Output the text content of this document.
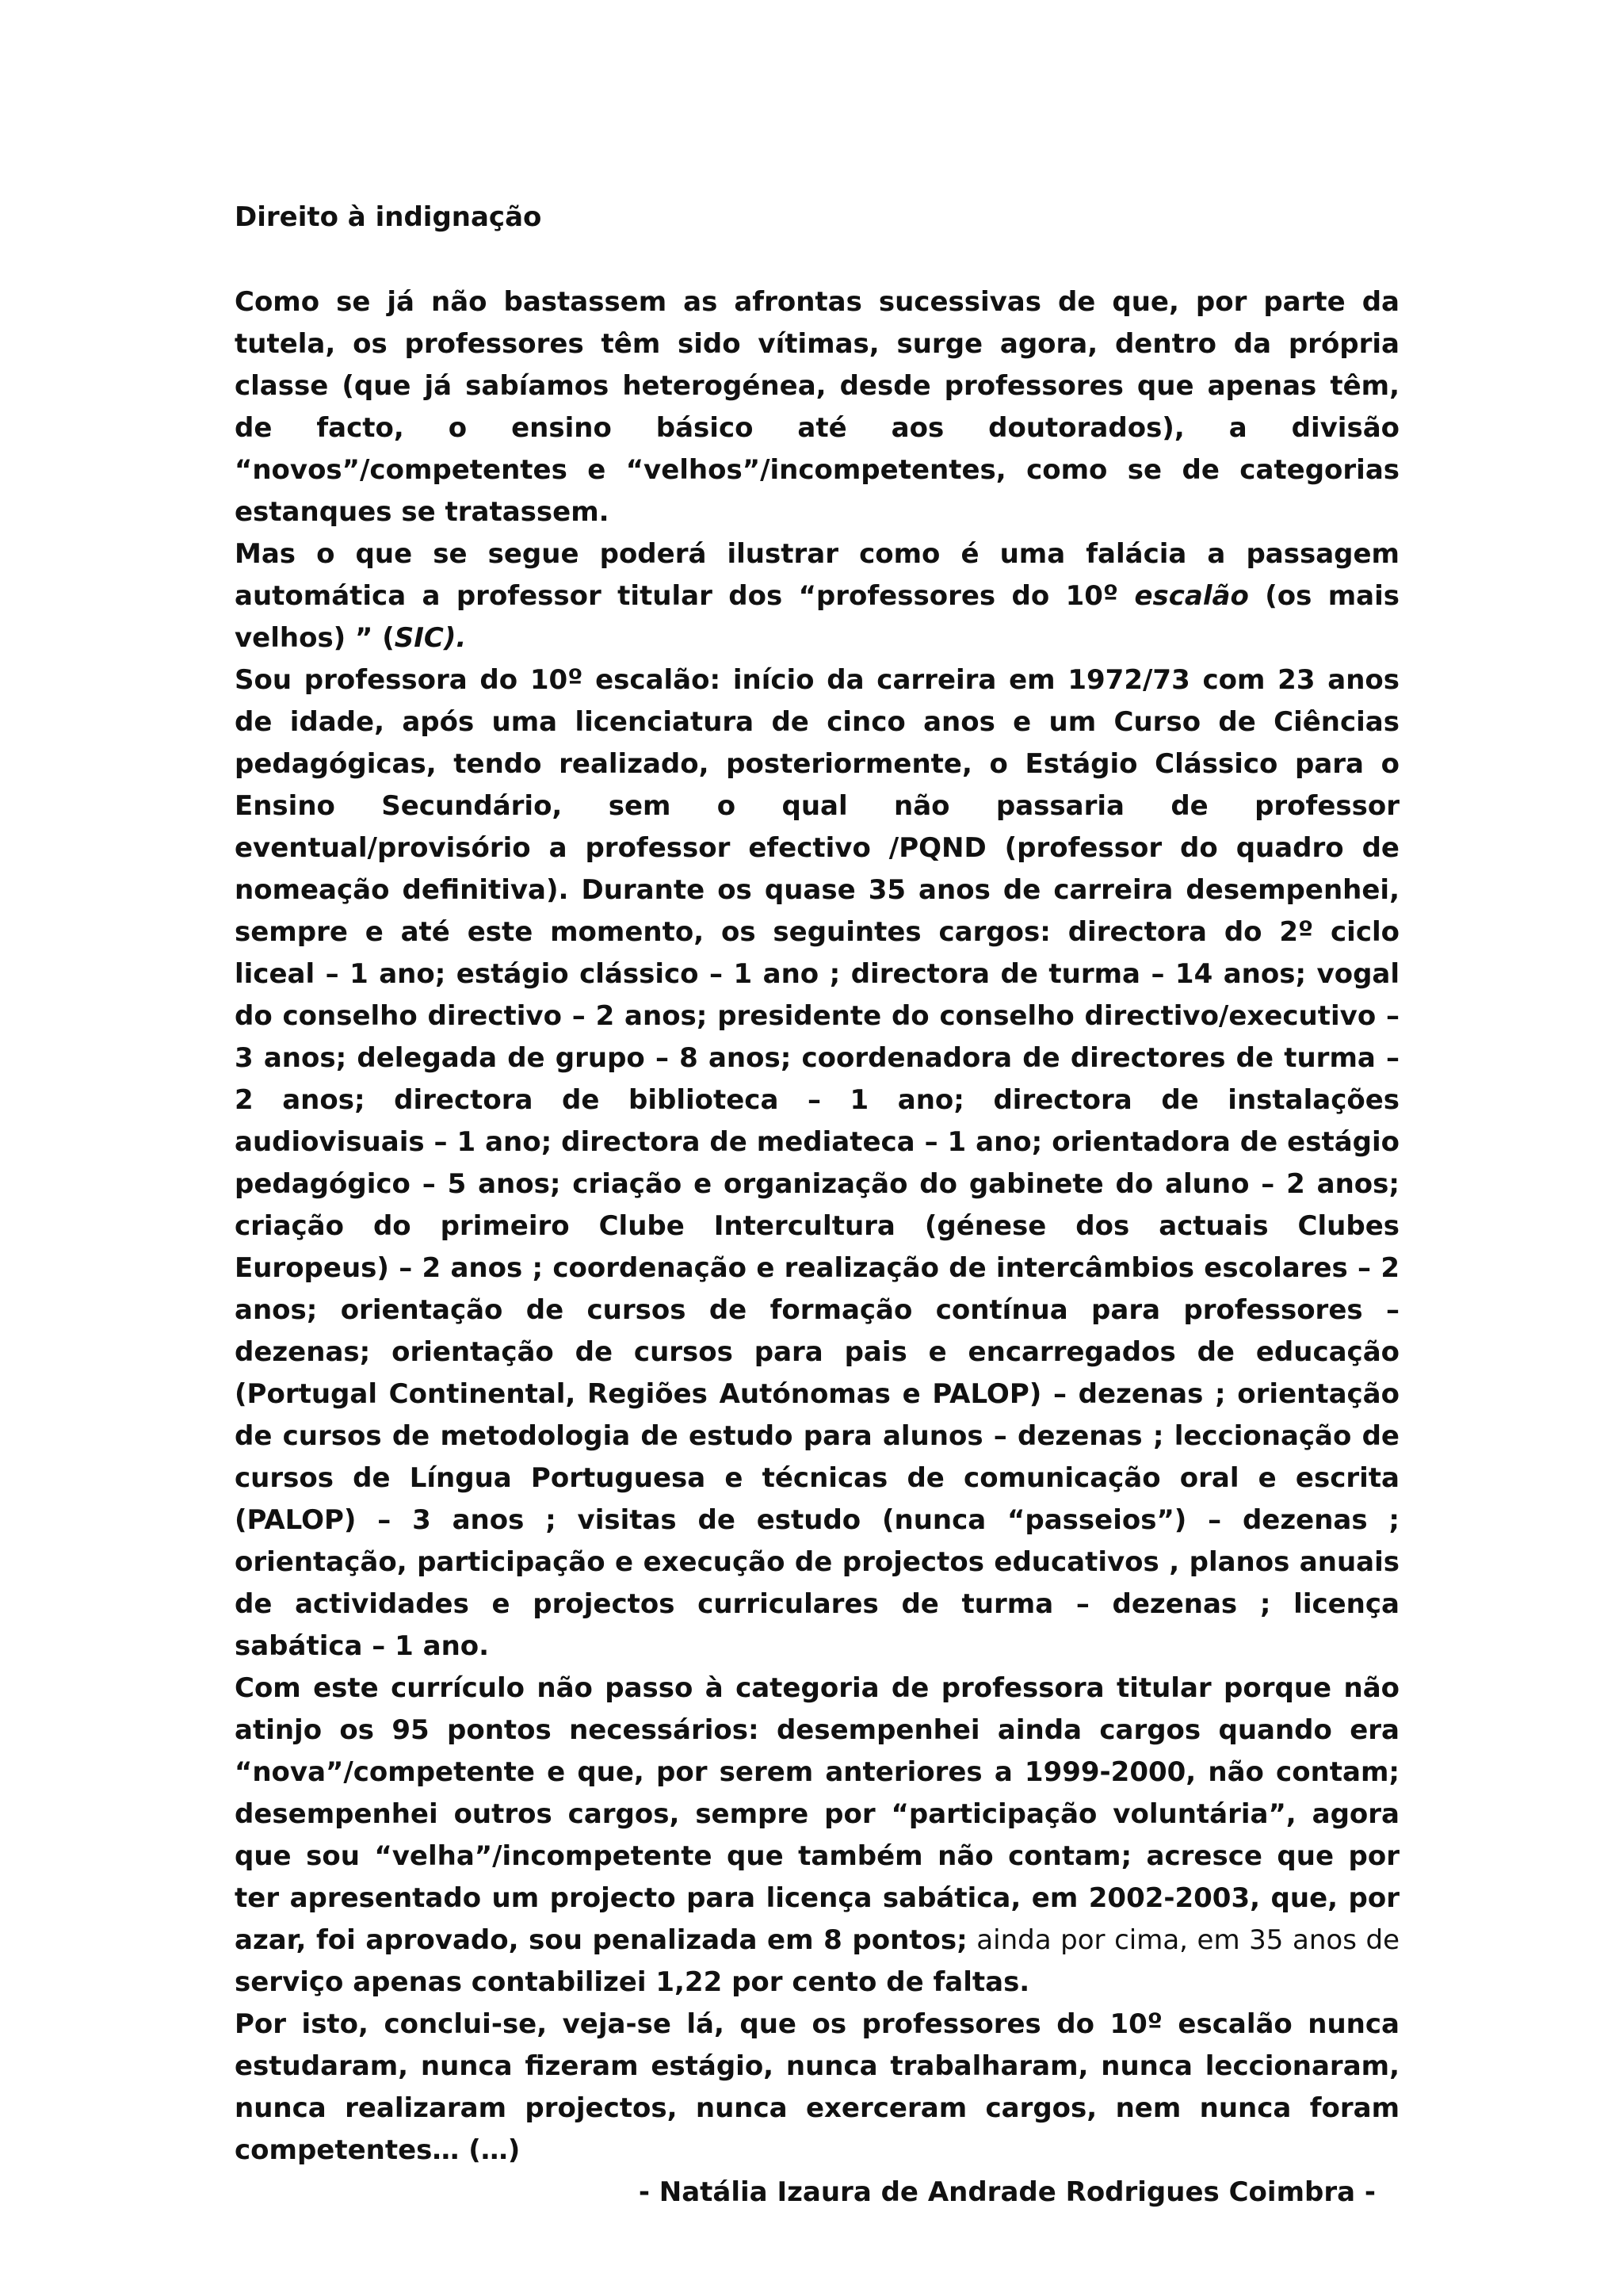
Direito à indignação

Como se já não bastassem as afrontas sucessivas de que, por parte da tutela, os professores têm sido vítimas, surge agora, dentro da própria classe (que já sabíamos heterogénea, desde professores que apenas têm, de facto, o ensino básico até aos doutorados), a divisão “novos”/competentes e “velhos”/incompetentes, como se de categorias estanques se tratassem.

Mas o que se segue poderá ilustrar como é uma falácia a passagem automática a professor titular dos “professores do 10º escalão (os mais velhos) ” (SIC).

Sou professora do 10º escalão: início da carreira em 1972/73 com 23 anos de idade, após uma licenciatura de cinco anos e um Curso de Ciências pedagógicas, tendo realizado, posteriormente, o Estágio Clássico para o Ensino Secundário, sem o qual não passaria de professor eventual/provisório a professor efectivo /PQND (professor do quadro de nomeação definitiva). Durante os quase 35 anos de carreira desempenhei, sempre e até este momento, os seguintes cargos: directora do 2º ciclo liceal – 1 ano; estágio clássico – 1 ano ; directora de turma – 14 anos; vogal do conselho directivo – 2 anos; presidente do conselho directivo/executivo – 3 anos; delegada de grupo – 8 anos; coordenadora de directores de turma – 2 anos; directora de biblioteca – 1 ano; directora de instalações audiovisuais – 1 ano; directora de mediateca – 1 ano; orientadora de estágio pedagógico – 5 anos; criação e organização do gabinete do aluno – 2 anos; criação do primeiro Clube Intercultura (génese dos actuais Clubes Europeus) – 2 anos ; coordenação e realização de intercâmbios escolares – 2 anos; orientação de cursos de formação contínua para professores – dezenas; orientação de cursos para pais e encarregados de educação (Portugal Continental, Regiões Autónomas e PALOP) – dezenas ; orientação de cursos de metodologia de estudo para alunos – dezenas ; leccionação de cursos de Língua Portuguesa e técnicas de comunicação oral e escrita (PALOP) – 3 anos ; visitas de estudo (nunca “passeios”) – dezenas ; orientação, participação e execução de projectos educativos , planos anuais de actividades e projectos curriculares de turma – dezenas ; licença sabática – 1 ano.

Com este currículo não passo à categoria de professora titular porque não atinjo os 95 pontos necessários: desempenhei ainda cargos quando era “nova”/competente e que, por serem anteriores a 1999-2000, não contam; desempenhei outros cargos, sempre por “participação voluntária”, agora que sou “velha”/incompetente que também não contam; acresce que por ter apresentado um projecto para licença sabática, em 2002-2003, que, por azar, foi aprovado, sou penalizada em 8 pontos; ainda por cima, em 35 anos de serviço apenas contabilizei 1,22 por cento de faltas.

Por isto, conclui-se, veja-se lá, que os professores do 10º escalão nunca estudaram, nunca fizeram estágio, nunca trabalharam, nunca leccionaram, nunca realizaram projectos, nunca exerceram cargos, nem nunca foram competentes… (…)

- Natália Izaura de Andrade Rodrigues Coimbra -
